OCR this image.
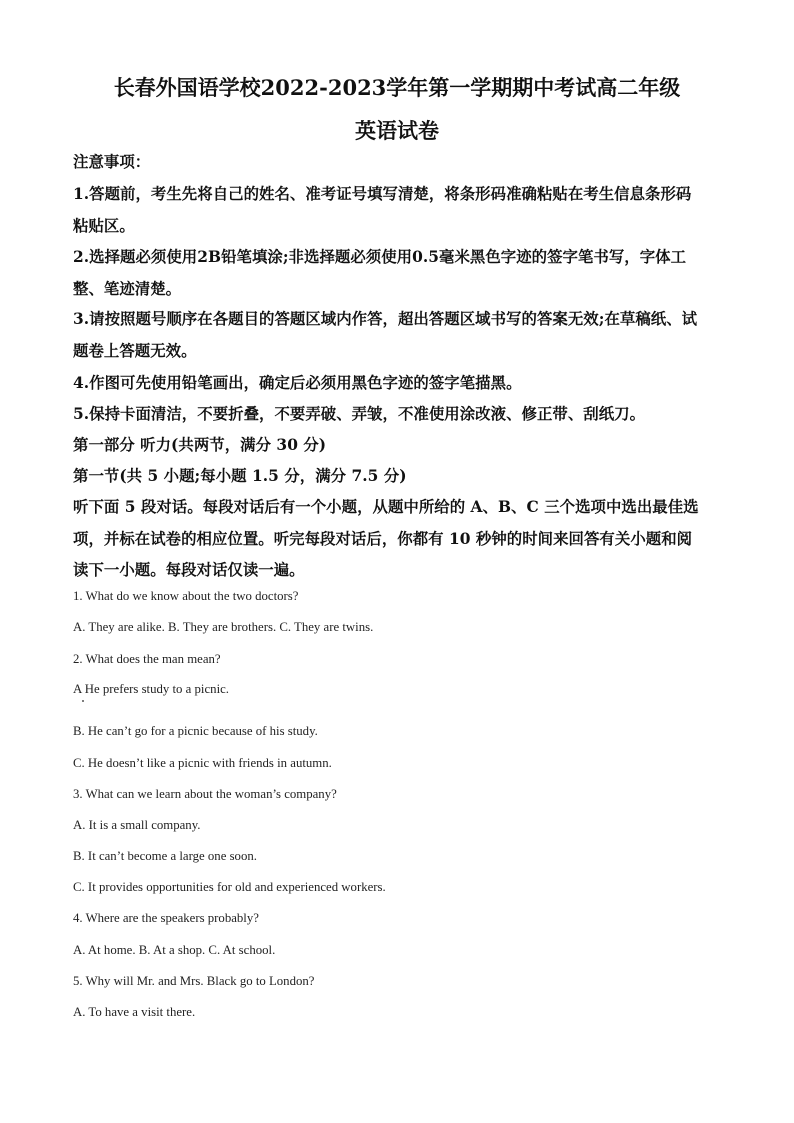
长春外国语学校2022-2023学年第一学期期中考试高二年级
英语试卷
注意事项：
1.答题前，考生先将自己的姓名、准考证号填写清楚，将条形码准确粘贴在考生信息条形码
粘贴区。
2.选择题必须使用2B铅笔填涂;非选择题必须使用0.5毫米黑色字迹的签字笔书写，字体工
整、笔迹清楚。
3.请按照题号顺序在各题目的答题区域内作答，超出答题区域书写的答案无效;在草稿纸、试
题卷上答题无效。
4.作图可先使用铅笔画出，确定后必须用黑色字迹的签字笔描黑。
5.保持卡面清洁，不要折叠，不要弄破、弄皱，不准使用涂改液、修正带、刮纸刀。
第一部分 听力(共两节，满分 30 分)
第一节(共 5 小题;每小题 1.5 分，满分 7.5 分)
听下面 5 段对话。每段对话后有一个小题，从题中所给的 A、B、C 三个选项中选出最佳选
项，并标在试卷的相应位置。听完每段对话后，你都有 10 秒钟的时间来回答有关小题和阅
读下一小题。每段对话仅读一遍。
1. What do we know about the two doctors?
A. They are alike. B. They are brothers. C. They are twins.
2. What does the man mean?
A He prefers study to a picnic.
B. He can’t go for a picnic because of his study.
C. He doesn’t like a picnic with friends in autumn.
3. What can we learn about the woman’s company?
A. It is a small company.
B. It can’t become a large one soon.
C. It provides opportunities for old and experienced workers.
4. Where are the speakers probably?
A. At home. B. At a shop. C. At school.
5. Why will Mr. and Mrs. Black go to London?
A. To have a visit there.
